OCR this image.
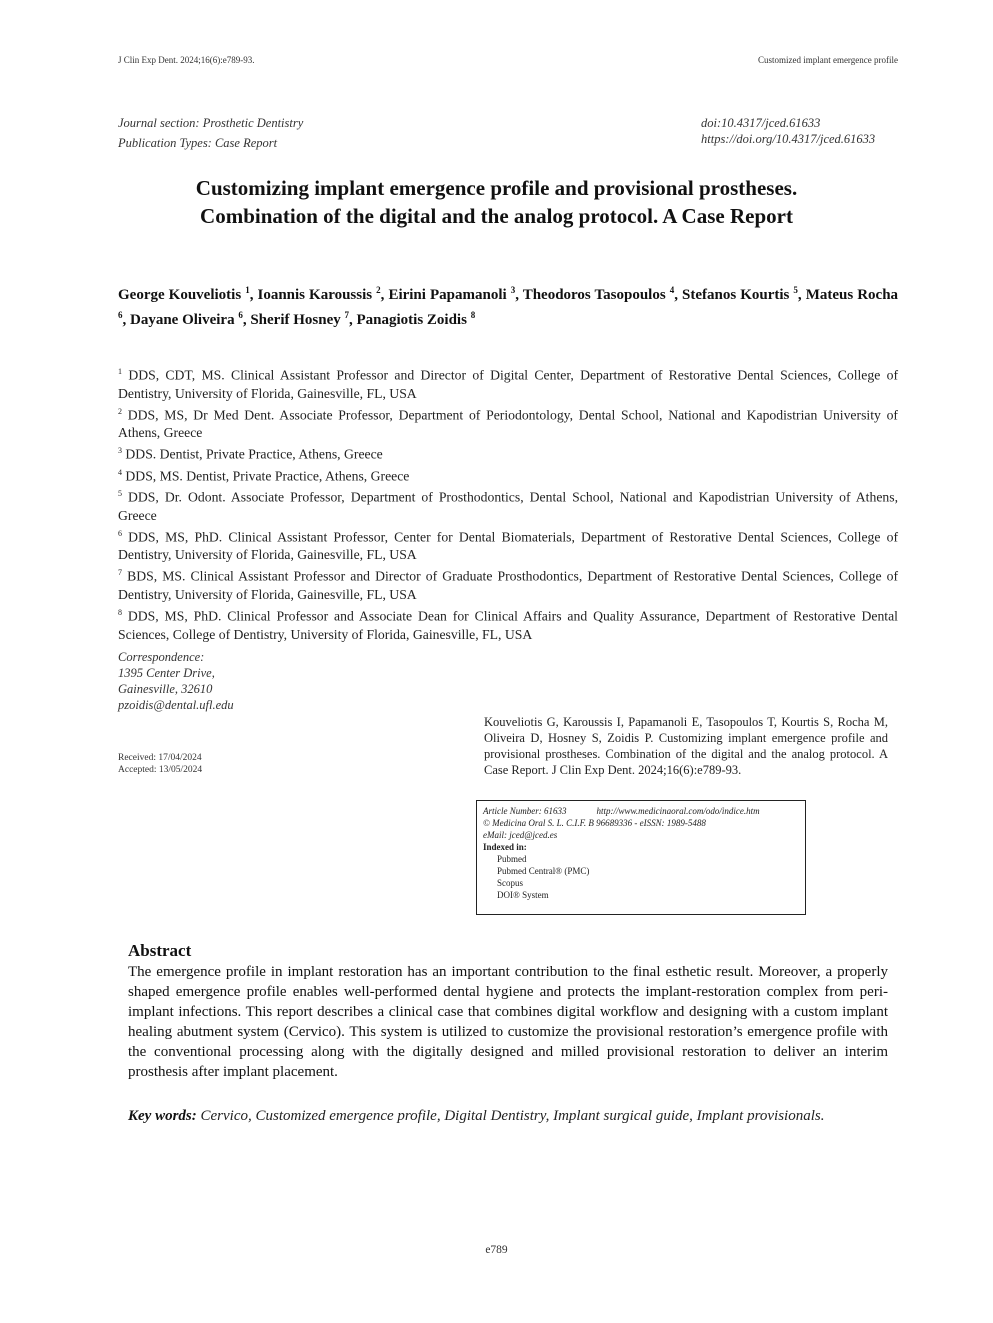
J Clin Exp Dent. 2024;16(6):e789-93.	Customized implant emergence profile
Journal section: Prosthetic Dentistry
Publication Types: Case Report
doi:10.4317/jced.61633
https://doi.org/10.4317/jced.61633
Customizing implant emergence profile and provisional prostheses.
Combination of the digital and the analog protocol. A Case Report
George Kouveliotis $^1$, Ioannis Karoussis $^2$, Eirini Papamanoli $^3$, Theodoros Tasopoulos $^4$, Stefanos Kourtis $^5$, Mateus Rocha $^6$, Dayane Oliveira $^6$, Sherif Hosney $^7$, Panagiotis Zoidis $^8$

$^1$ DDS, CDT, MS. Clinical Assistant Professor and Director of Digital Center, Department of Restorative Dental Sciences, College of Dentistry, University of Florida, Gainesville, FL, USA

$^2$ DDS, MS, Dr Med Dent. Associate Professor, Department of Periodontology, Dental School, National and Kapodistrian University of Athens, Greece

$^3$ DDS. Dentist, Private Practice, Athens, Greece

$^4$ DDS, MS. Dentist, Private Practice, Athens, Greece

$^5$ DDS, Dr. Odont. Associate Professor, Department of Prosthodontics, Dental School, National and Kapodistrian University of Athens, Greece

$^6$ DDS, MS, PhD. Clinical Assistant Professor, Center for Dental Biomaterials, Department of Restorative Dental Sciences, College of Dentistry, University of Florida, Gainesville, FL, USA

$^7$ BDS, MS. Clinical Assistant Professor and Director of Graduate Prosthodontics, Department of Restorative Dental Sciences, College of Dentistry, University of Florida, Gainesville, FL, USA

$^8$ DDS, MS, PhD. Clinical Professor and Associate Dean for Clinical Affairs and Quality Assurance, Department of Restorative Dental Sciences, College of Dentistry, University of Florida, Gainesville, FL, USA

Correspondence:
1395 Center Drive,
Gainesville, 32610
pzoidis@dental.ufl.edu
Received: 17/04/2024
Accepted: 13/05/2024
Kouveliotis G, Karoussis I, Papamanoli E, Tasopoulos T, Kourtis S, Rocha M, Oliveira D, Hosney S, Zoidis P. Customizing implant emergence profile and provisional prostheses. Combination of the digital and the analog protocol. A Case Report. J Clin Exp Dent. 2024;16(6):e789-93.
Article Number: 61633	http://www.medicinaoral.com/odo/indice.htm
© Medicina Oral S. L. C.I.F. B 96689336 - eISSN: 1989-5488
eMail: jced@jced.es
Indexed in:
Pubmed
Pubmed Central® (PMC)
Scopus
DOI® System
Abstract
The emergence profile in implant restoration has an important contribution to the final esthetic result. Moreover, a properly shaped emergence profile enables well-performed dental hygiene and protects the implant-restoration complex from peri-implant infections. This report describes a clinical case that combines digital workflow and designing with a custom implant healing abutment system (Cervico). This system is utilized to customize the provisional restoration’s emergence profile with the conventional processing along with the digitally designed and milled provisional restoration to deliver an interim prosthesis after implant placement.
Key words: Cervico, Customized emergence profile, Digital Dentistry, Implant surgical guide, Implant provisionals.
e789
